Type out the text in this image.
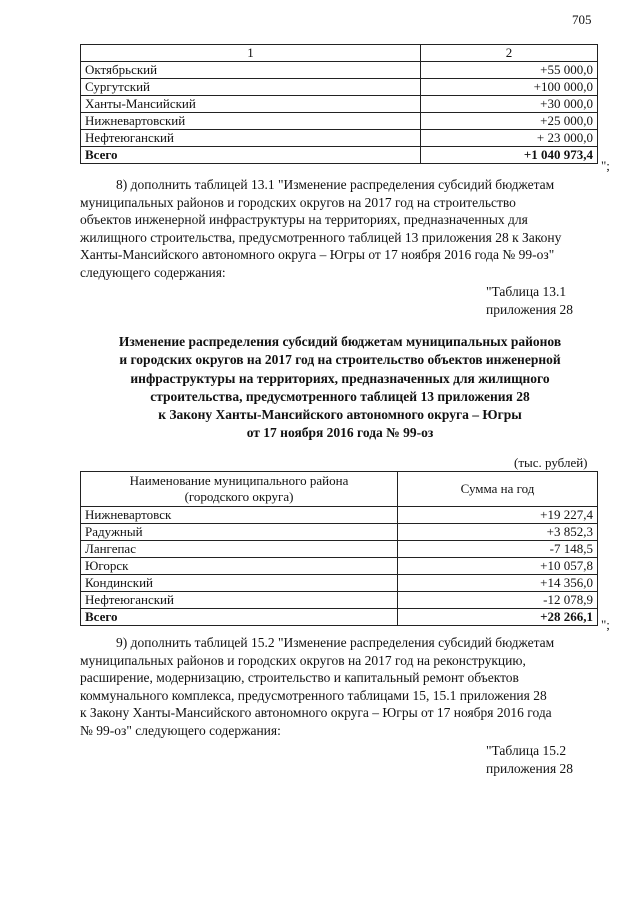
705
1	2
Октябрьский	+55 000,0
Сургутский	+100 000,0
Ханты-Мансийский	+30 000,0
Нижневартовский	+25 000,0
Нефтеюганский	+ 23 000,0
Всего	+1 040 973,4
";
8) дополнить таблицей 13.1 "Изменение распределения субсидий бюджетам
муниципальных районов и городских округов на 2017 год на строительство
объектов инженерной инфраструктуры на территориях, предназначенных для
жилищного строительства, предусмотренного таблицей 13 приложения 28 к Закону
Ханты-Мансийского автономного округа – Югры от 17 ноября 2016 года № 99-оз"
следующего содержания:
"Таблица 13.1
приложения 28
Изменение распределения субсидий бюджетам муниципальных районов
и городских округов на 2017 год на строительство объектов инженерной
инфраструктуры на территориях, предназначенных для жилищного
строительства, предусмотренного таблицей 13 приложения 28
к Закону Ханты-Мансийского автономного округа – Югры
от 17 ноября 2016 года № 99-оз
(тыс. рублей)
Наименование муниципального района
(городского округа)	Сумма на год
Нижневартовск	+19 227,4
Радужный	+3 852,3
Лангепас	-7 148,5
Югорск	+10 057,8
Кондинский	+14 356,0
Нефтеюганский	-12 078,9
Всего	+28 266,1
";
9) дополнить таблицей 15.2 "Изменение распределения субсидий бюджетам
муниципальных районов и городских округов на 2017 год на реконструкцию,
расширение, модернизацию, строительство и капитальный ремонт объектов
коммунального комплекса, предусмотренного таблицами 15, 15.1 приложения 28
к Закону Ханты-Мансийского автономного округа – Югры от 17 ноября 2016 года
№ 99-оз" следующего содержания:
"Таблица 15.2
приложения 28
